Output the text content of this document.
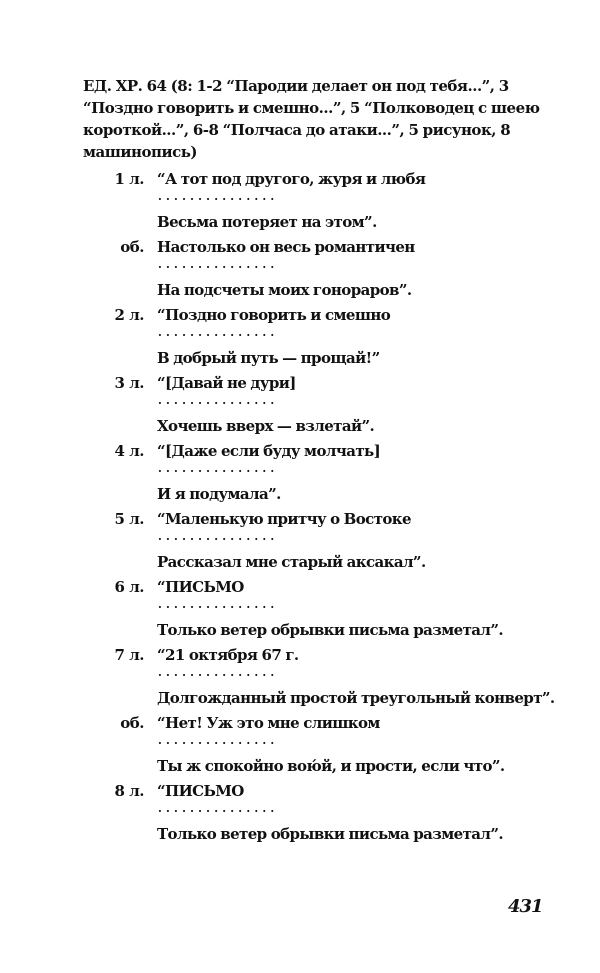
ЕД. ХР. 64 (8: 1-2 “Пародии делает он под тебя...”, 3 “Поздно говорить и смешно...”, 5 “Полководец с шеею короткой...”, 6-8 “Полчаса до атаки...”, 5 рисунок, 8 машинопись)
1 л. “А тот под другого, журя и любя
...............
Весьма потеряет на этом”.
об. Настолько он весь романтичен
...............
На подсчеты моих гонораров”.
2 л. “Поздно говорить и смешно
...............
В добрый путь — прощай!”
3 л. “[Давай не дури]
...............
Хочешь вверх — взлетай”.
4 л. “[Даже если буду молчать]
...............
И я подумала”.
5 л. “Маленькую притчу о Востоке
...............
Рассказал мне старый аксакал”.
6 л. “ПИСЬМО
...............
Только ветер обрывки письма разметал”.
7 л. “21 октября 67 г.
...............
Долгожданный простой треугольный конверт”.
об. “Нет! Уж это мне слишком
...............
Ты ж спокойно вою́й, и прости, если что”.
8 л. “ПИСЬМО
...............
Только ветер обрывки письма разметал”.
431
